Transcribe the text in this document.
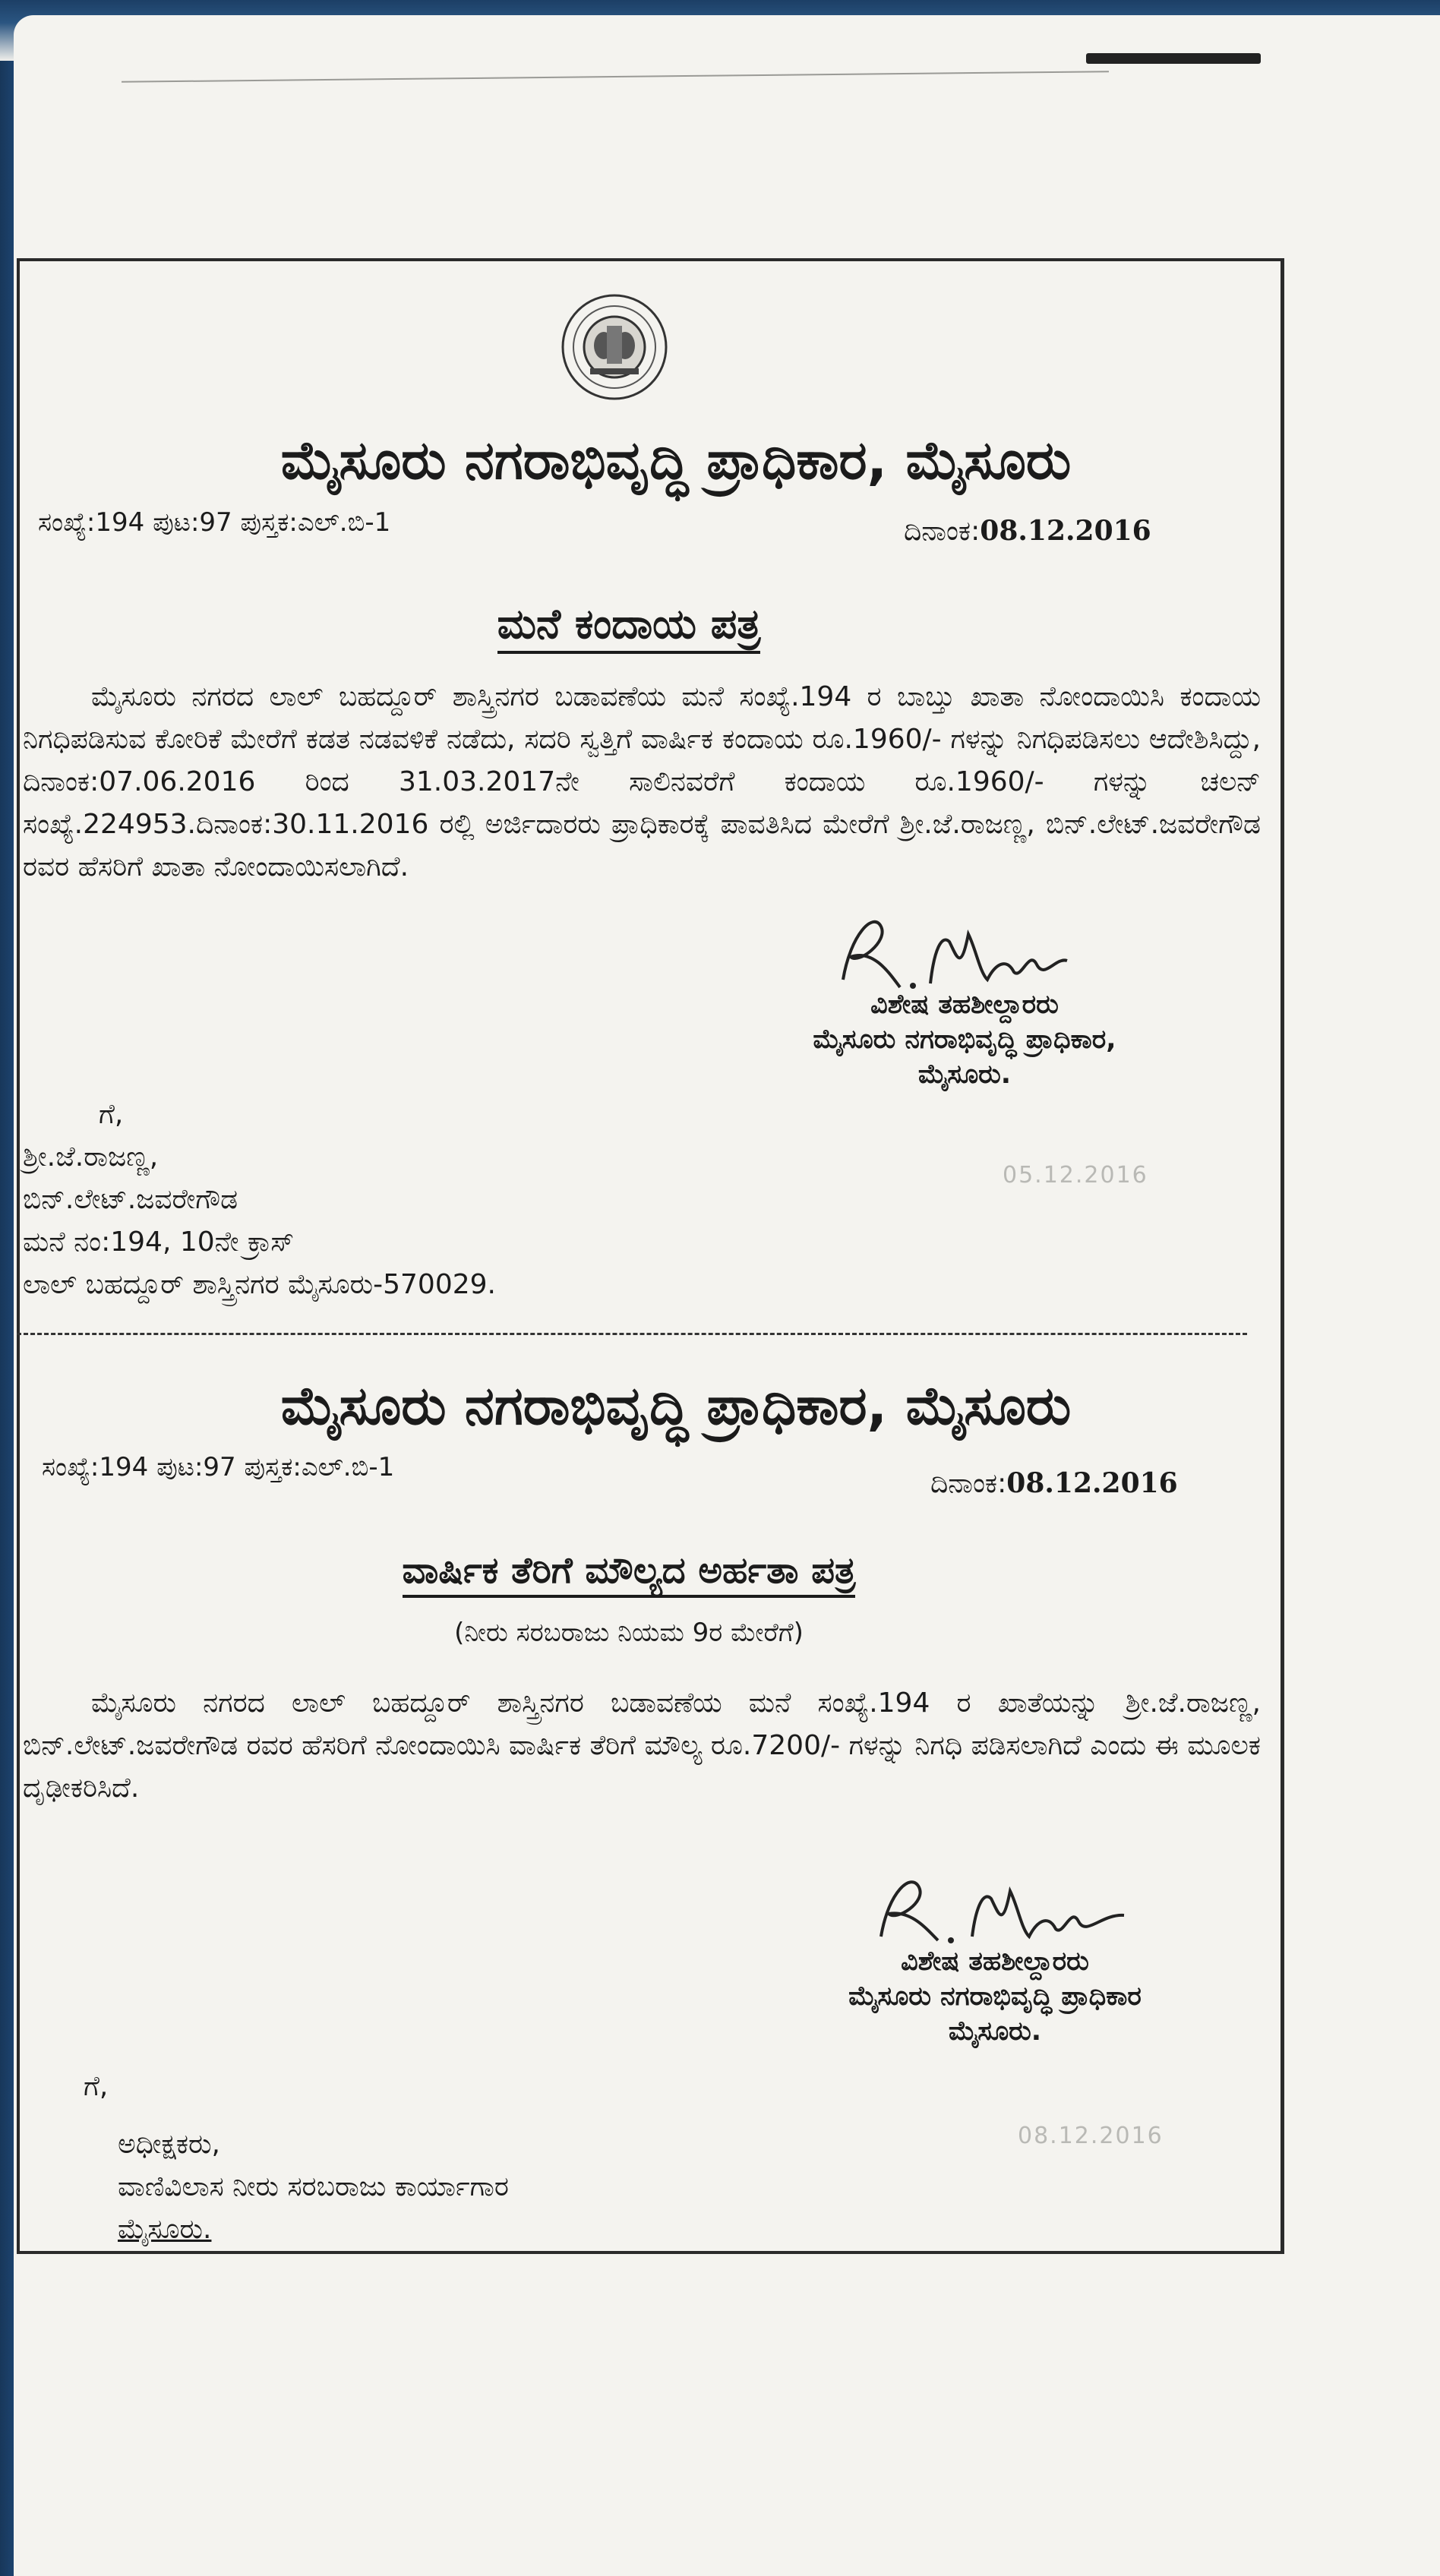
ಮೈಸೂರು ನಗರಾಭಿವೃದ್ಧಿ ಪ್ರಾಧಿಕಾರ, ಮೈಸೂರು
ಸಂಖ್ಯೆ:194 ಪುಟ:97 ಪುಸ್ತಕ:ಎಲ್.ಬಿ-1	ದಿನಾಂಕ:08.12.2016
ಮನೆ ಕಂದಾಯ ಪತ್ರ

ಮೈಸೂರು ನಗರದ ಲಾಲ್ ಬಹದ್ದೂರ್ ಶಾಸ್ತ್ರಿನಗರ ಬಡಾವಣೆಯ ಮನೆ ಸಂಖ್ಯೆ.194 ರ ಬಾಬ್ತು ಖಾತಾ ನೋಂದಾಯಿಸಿ ಕಂದಾಯ ನಿಗಧಿಪಡಿಸುವ ಕೋರಿಕೆ ಮೇರೆಗೆ ಕಡತ ನಡವಳಿಕೆ ನಡೆದು, ಸದರಿ ಸ್ವತ್ತಿಗೆ ವಾರ್ಷಿಕ ಕಂದಾಯ ರೂ.1960/- ಗಳನ್ನು ನಿಗಧಿಪಡಿಸಲು ಆದೇಶಿಸಿದ್ದು, ದಿನಾಂಕ:07.06.2016 ರಿಂದ 31.03.2017ನೇ ಸಾಲಿನವರೆಗೆ ಕಂದಾಯ ರೂ.1960/- ಗಳನ್ನು ಚಲನ್ ಸಂಖ್ಯೆ.224953.ದಿನಾಂಕ:30.11.2016 ರಲ್ಲಿ ಅರ್ಜಿದಾರರು ಪ್ರಾಧಿಕಾರಕ್ಕೆ ಪಾವತಿಸಿದ ಮೇರೆಗೆ ಶ್ರೀ.ಜೆ.ರಾಜಣ್ಣ, ಬಿನ್.ಲೇಟ್.ಜವರೇಗೌಡ ರವರ ಹೆಸರಿಗೆ ಖಾತಾ ನೋಂದಾಯಿಸಲಾಗಿದೆ.

ವಿಶೇಷ ತಹಶೀಲ್ದಾರರು
ಮೈಸೂರು ನಗರಾಭಿವೃದ್ಧಿ ಪ್ರಾಧಿಕಾರ,
ಮೈಸೂರು.
05.12.2016
ಗೆ,
ಶ್ರೀ.ಜೆ.ರಾಜಣ್ಣ,
ಬಿನ್.ಲೇಟ್.ಜವರೇಗೌಡ
ಮನೆ ನಂ:194, 10ನೇ ಕ್ರಾಸ್
ಲಾಲ್ ಬಹದ್ದೂರ್ ಶಾಸ್ತ್ರಿನಗರ ಮೈಸೂರು-570029.
ಮೈಸೂರು ನಗರಾಭಿವೃದ್ಧಿ ಪ್ರಾಧಿಕಾರ, ಮೈಸೂರು
ಸಂಖ್ಯೆ:194 ಪುಟ:97 ಪುಸ್ತಕ:ಎಲ್.ಬಿ-1
ದಿನಾಂಕ:08.12.2016
ವಾರ್ಷಿಕ ತೆರಿಗೆ ಮೌಲ್ಯದ ಅರ್ಹತಾ ಪತ್ರ
(ನೀರು ಸರಬರಾಜು ನಿಯಮ 9ರ ಮೇರೆಗೆ)

ಮೈಸೂರು ನಗರದ ಲಾಲ್ ಬಹದ್ದೂರ್ ಶಾಸ್ತ್ರಿನಗರ ಬಡಾವಣೆಯ ಮನೆ ಸಂಖ್ಯೆ.194 ರ ಖಾತೆಯನ್ನು ಶ್ರೀ.ಜೆ.ರಾಜಣ್ಣ, ಬಿನ್.ಲೇಟ್.ಜವರೇಗೌಡ ರವರ ಹೆಸರಿಗೆ ನೋಂದಾಯಿಸಿ ವಾರ್ಷಿಕ ತೆರಿಗೆ ಮೌಲ್ಯ ರೂ.7200/- ಗಳನ್ನು ನಿಗಧಿ ಪಡಿಸಲಾಗಿದೆ ಎಂದು ಈ ಮೂಲಕ ದೃಢೀಕರಿಸಿದೆ.

ವಿಶೇಷ ತಹಶೀಲ್ದಾರರು
ಮೈಸೂರು ನಗರಾಭಿವೃದ್ಧಿ ಪ್ರಾಧಿಕಾರ
ಮೈಸೂರು.
08.12.2016
ಗೆ,
ಅಧೀಕ್ಷಕರು,
ವಾಣಿವಿಲಾಸ ನೀರು ಸರಬರಾಜು ಕಾರ್ಯಾಗಾರ
ಮೈಸೂರು.
